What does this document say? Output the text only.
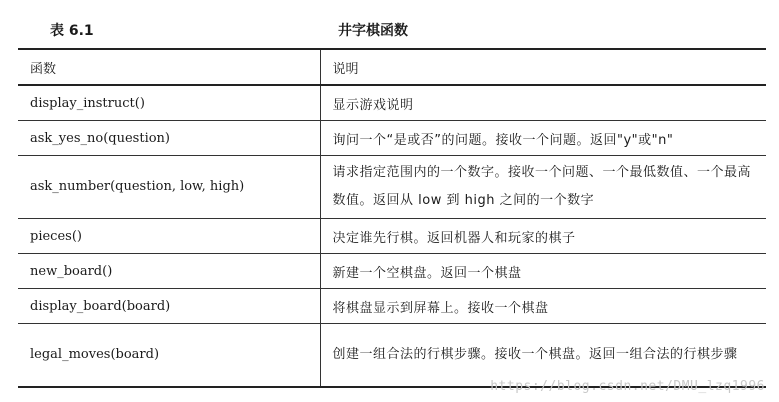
表 6.1	井字棋函数
函数	说明
display_instruct()	显示游戏说明
ask_yes_no(question)	询问一个“是或否”的问题。接收一个问题。返回"y"或"n"
ask_number(question, low, high)	请求指定范围内的一个数字。接收一个问题、一个最低数值、一个最高数值。返回从 low 到 high 之间的一个数字
pieces()	决定谁先行棋。返回机器人和玩家的棋子
new_board()	新建一个空棋盘。返回一个棋盘
display_board(board)	将棋盘显示到屏幕上。接收一个棋盘
legal_moves(board)	创建一组合法的行棋步骤。接收一个棋盘。返回一组合法的行棋步骤
https://blog.csdn.net/DMU_lzq1996
